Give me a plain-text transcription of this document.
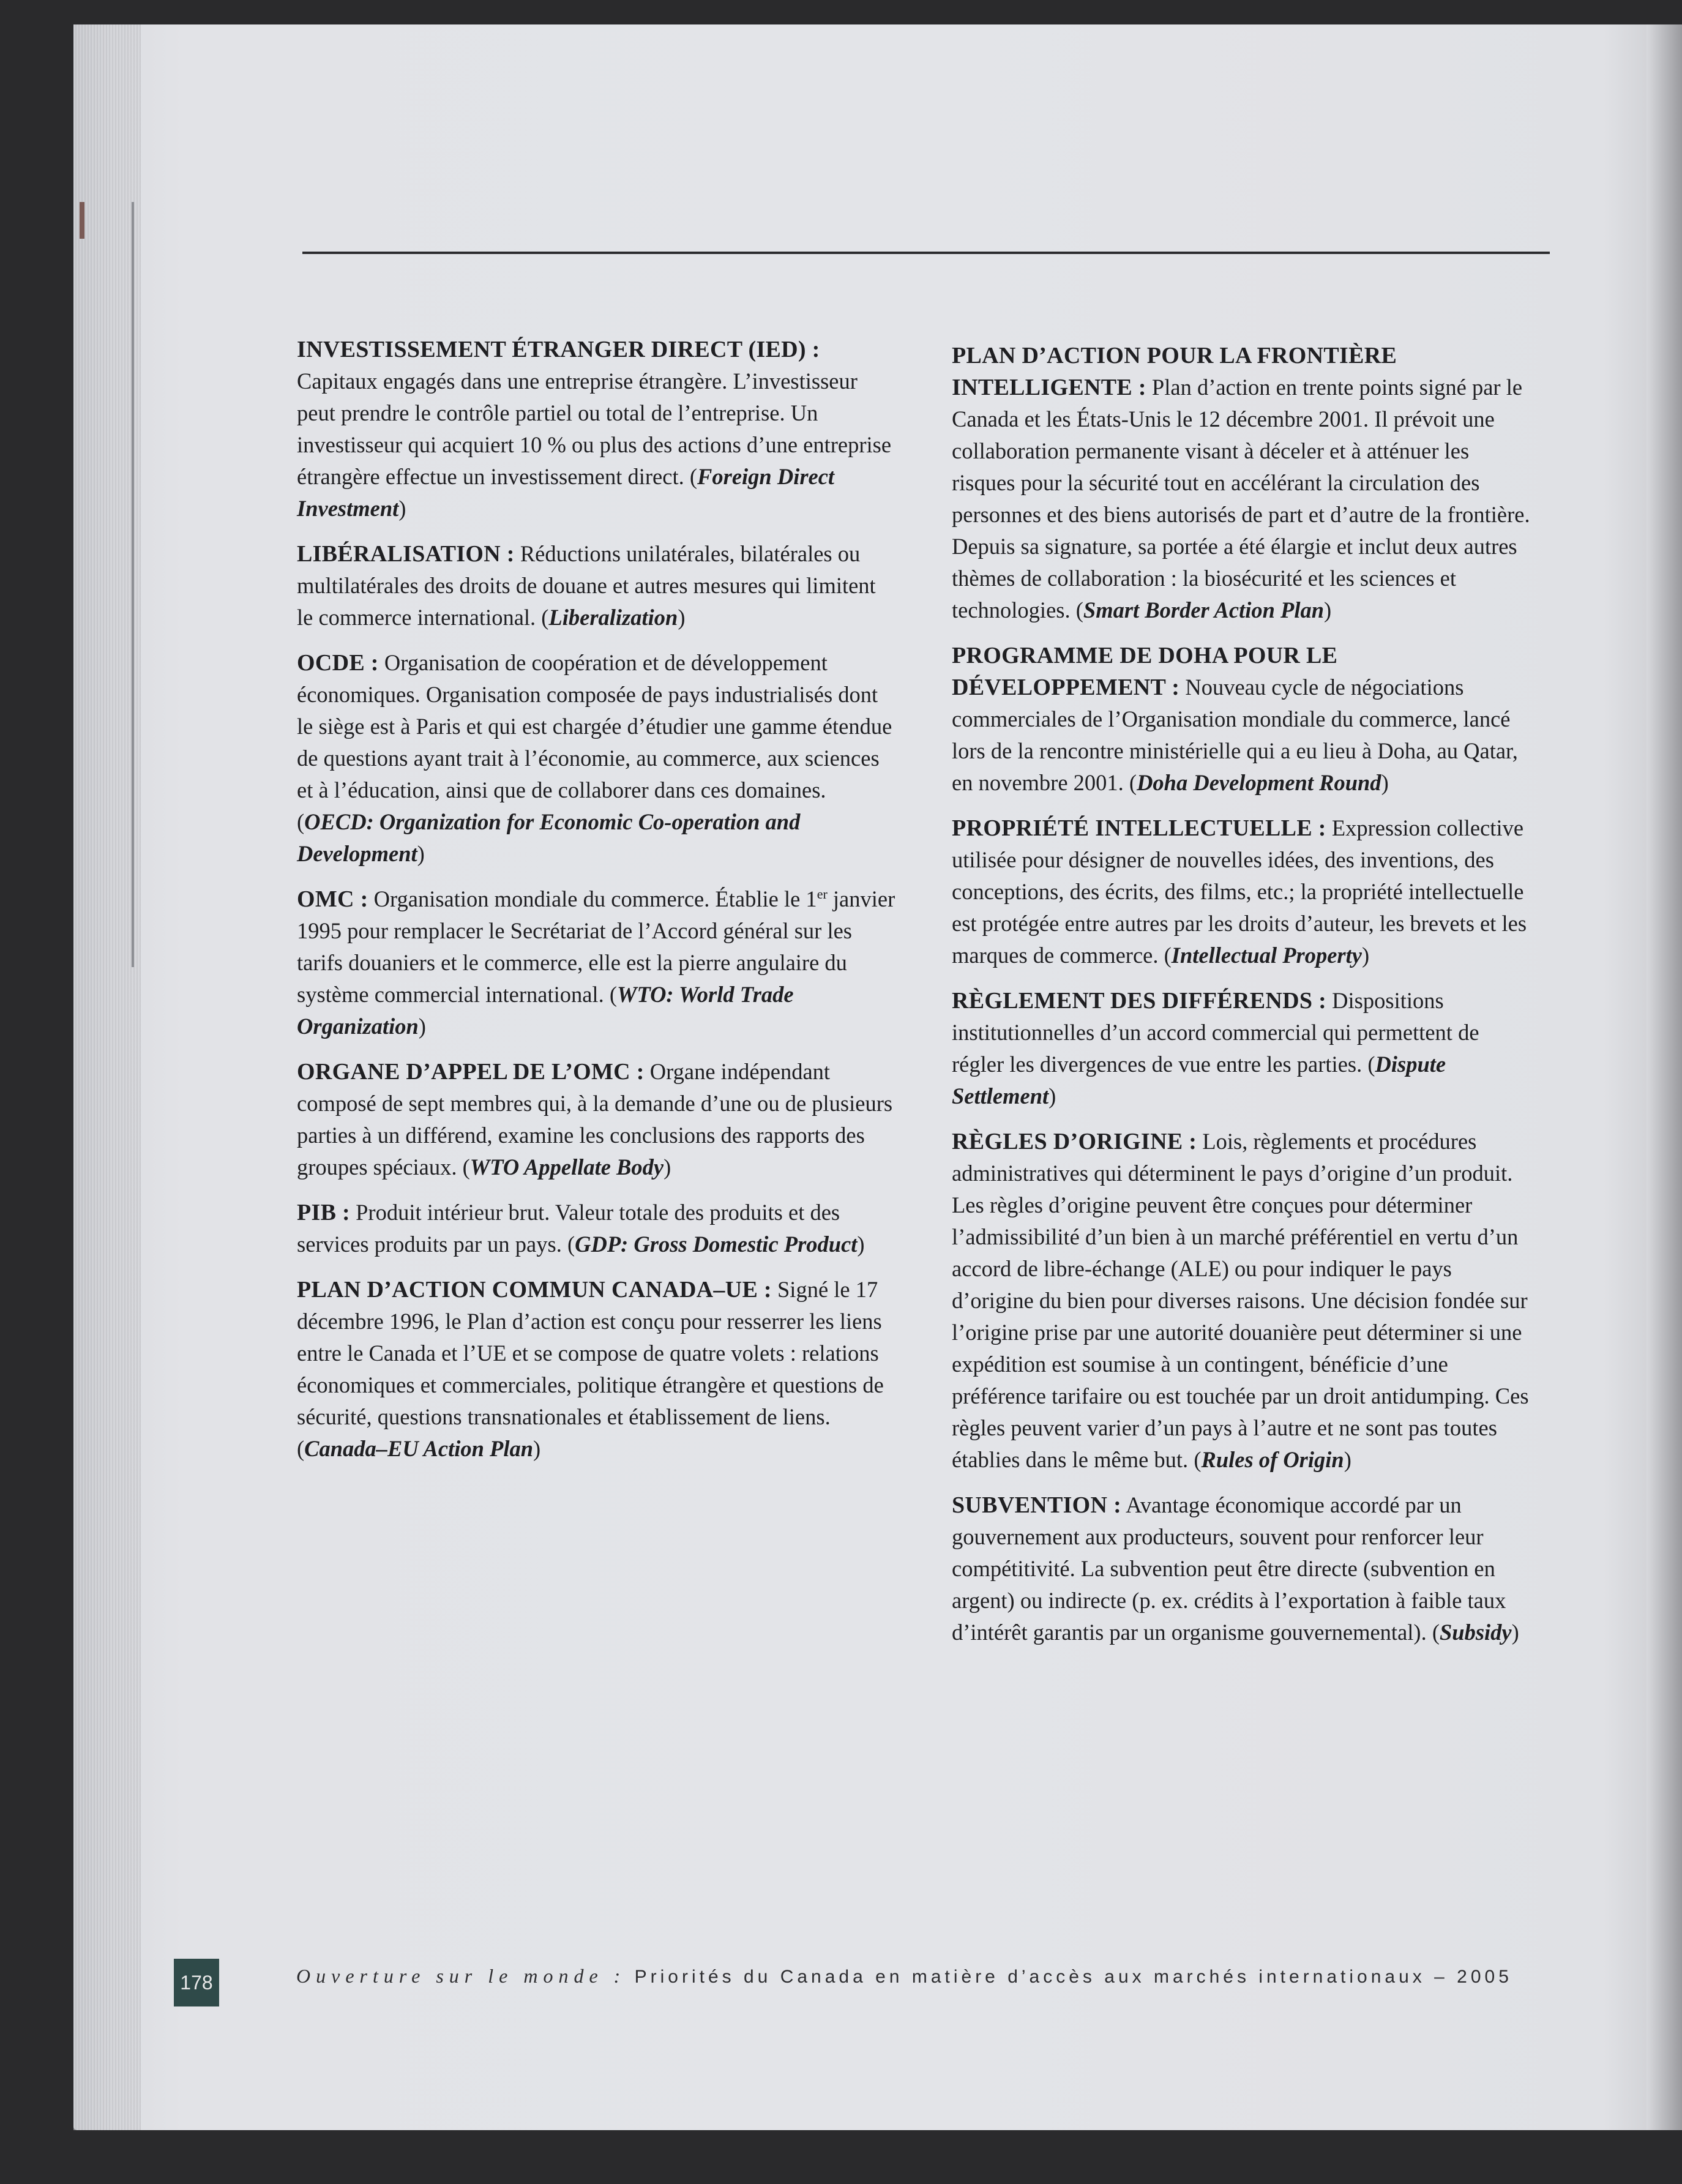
INVESTISSEMENT ÉTRANGER DIRECT (IED) : Capitaux engagés dans une entreprise étrangère. L’investisseur peut prendre le contrôle partiel ou total de l’entreprise. Un investisseur qui acquiert 10 % ou plus des actions d’une entreprise étrangère effectue un investissement direct. (Foreign Direct Investment)

LIBÉRALISATION : Réductions unilatérales, bilatérales ou multilatérales des droits de douane et autres mesures qui limitent le commerce international. (Liberalization)

OCDE : Organisation de coopération et de développement économiques. Organisation composée de pays industrialisés dont le siège est à Paris et qui est chargée d’étudier une gamme étendue de questions ayant trait à l’économie, au commerce, aux sciences et à l’éducation, ainsi que de collaborer dans ces domaines. (OECD: Organization for Economic Co-operation and Development)

OMC : Organisation mondiale du commerce. Établie le 1er janvier 1995 pour remplacer le Secrétariat de l’Accord général sur les tarifs douaniers et le commerce, elle est la pierre angulaire du système commercial international. (WTO: World Trade Organization)

ORGANE D’APPEL DE L’OMC : Organe indépendant composé de sept membres qui, à la demande d’une ou de plusieurs parties à un différend, examine les conclusions des rapports des groupes spéciaux. (WTO Appellate Body)

PIB : Produit intérieur brut. Valeur totale des produits et des services produits par un pays. (GDP: Gross Domestic Product)

PLAN D’ACTION COMMUN CANADA–UE : Signé le 17 décembre 1996, le Plan d’action est conçu pour resserrer les liens entre le Canada et l’UE et se compose de quatre volets : relations économiques et commerciales, politique étrangère et questions de sécurité, questions transnationales et établissement de liens. (Canada–EU Action Plan)

PLAN D’ACTION POUR LA FRONTIÈRE INTELLIGENTE : Plan d’action en trente points signé par le Canada et les États-Unis le 12 décembre 2001. Il prévoit une collaboration permanente visant à déceler et à atténuer les risques pour la sécurité tout en accélérant la circulation des personnes et des biens autorisés de part et d’autre de la frontière. Depuis sa signature, sa portée a été élargie et inclut deux autres thèmes de collaboration : la biosécurité et les sciences et technologies. (Smart Border Action Plan)

PROGRAMME DE DOHA POUR LE DÉVELOPPEMENT : Nouveau cycle de négociations commerciales de l’Organisation mondiale du commerce, lancé lors de la rencontre ministérielle qui a eu lieu à Doha, au Qatar, en novembre 2001. (Doha Development Round)

PROPRIÉTÉ INTELLECTUELLE : Expression collective utilisée pour désigner de nouvelles idées, des inventions, des conceptions, des écrits, des films, etc.; la propriété intellectuelle est protégée entre autres par les droits d’auteur, les brevets et les marques de commerce. (Intellectual Property)

RÈGLEMENT DES DIFFÉRENDS : Dispositions institutionnelles d’un accord commercial qui permettent de régler les divergences de vue entre les parties. (Dispute Settlement)

RÈGLES D’ORIGINE : Lois, règlements et procédures administratives qui déterminent le pays d’origine d’un produit. Les règles d’origine peuvent être conçues pour déterminer l’admissibilité d’un bien à un marché préférentiel en vertu d’un accord de libre-échange (ALE) ou pour indiquer le pays d’origine du bien pour diverses raisons. Une décision fondée sur l’origine prise par une autorité douanière peut déterminer si une expédition est soumise à un contingent, bénéficie d’une préférence tarifaire ou est touchée par un droit antidumping. Ces règles peuvent varier d’un pays à l’autre et ne sont pas toutes établies dans le même but. (Rules of Origin)

SUBVENTION : Avantage économique accordé par un gouvernement aux producteurs, souvent pour renforcer leur compétitivité. La subvention peut être directe (subvention en argent) ou indirecte (p. ex. crédits à l’exportation à faible taux d’intérêt garantis par un organisme gouvernemental). (Subsidy)

178	Ouverture sur le monde : Priorités du Canada en matière d’accès aux marchés internationaux – 2005
